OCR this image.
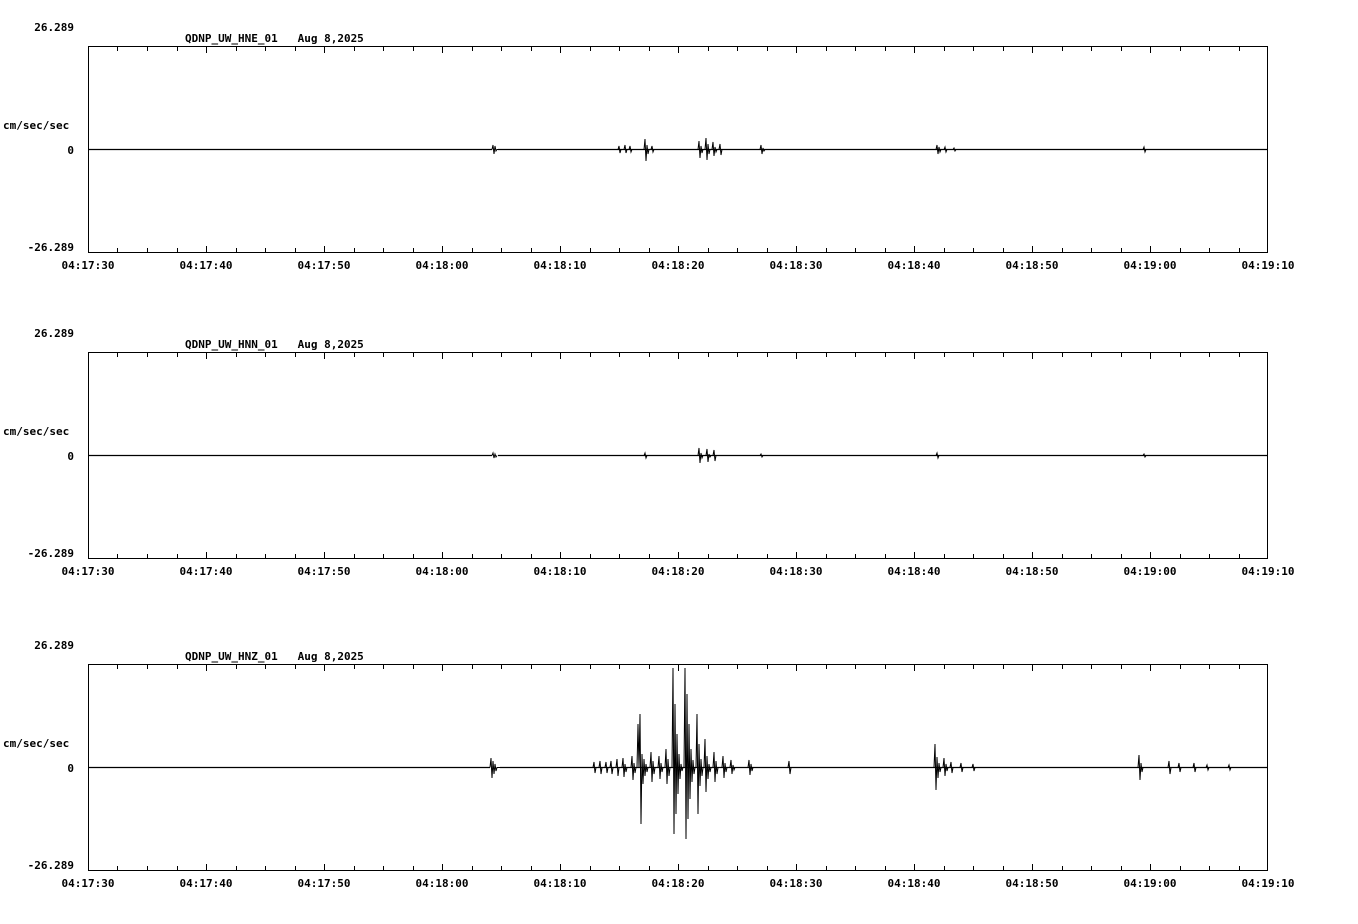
QDNP_UW_HNE_01   Aug 8,2025
cm/sec/sec
26.289
0
-26.289
04:17:30	04:17:40	04:17:50	04:18:00	04:18:10	04:18:20	04:18:30	04:18:40	04:18:50	04:19:00	04:19:10
QDNP_UW_HNN_01   Aug 8,2025
cm/sec/sec
26.289
0
-26.289
04:17:30	04:17:40	04:17:50	04:18:00	04:18:10	04:18:20	04:18:30	04:18:40	04:18:50	04:19:00	04:19:10
QDNP_UW_HNZ_01   Aug 8,2025
cm/sec/sec
26.289
0
-26.289
04:17:30	04:17:40	04:17:50	04:18:00	04:18:10	04:18:20	04:18:30	04:18:40	04:18:50	04:19:00	04:19:10
